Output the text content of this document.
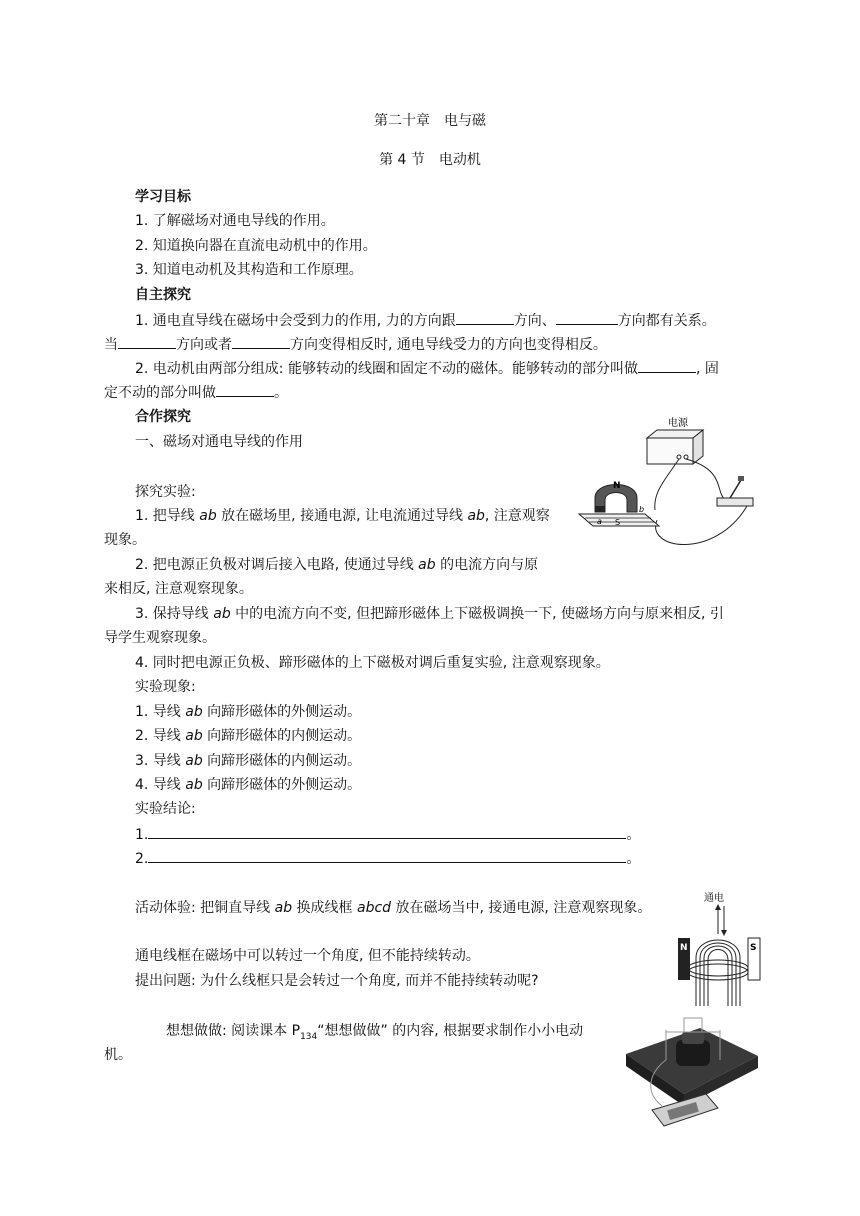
第二十章　电与磁
第 4 节　电动机
学习目标
1. 了解磁场对通电导线的作用。
2. 知道换向器在直流电动机中的作用。
3. 知道电动机及其构造和工作原理。
自主探究
1. 通电直导线在磁场中会受到力的作用, 力的方向跟	方向、	方向都有关系。
当	方向或者	方向变得相反时, 通电导线受力的方向也变得相反。
2. 电动机由两部分组成: 能够转动的线圈和固定不动的磁体。能够转动的部分叫做	, 固
定不动的部分叫做	。
合作探究
一、磁场对通电导线的作用
探究实验:
1. 把导线 ab 放在磁场里, 接通电源, 让电流通过导线 ab, 注意观察
现象。
2. 把电源正负极对调后接入电路, 使通过导线 ab 的电流方向与原
来相反, 注意观察现象。
3. 保持导线 ab 中的电流方向不变, 但把蹄形磁体上下磁极调换一下, 使磁场方向与原来相反, 引
导学生观察现象。
4. 同时把电源正负极、蹄形磁体的上下磁极对调后重复实验, 注意观察现象。
实验现象:
1. 导线 ab 向蹄形磁体的外侧运动。
2. 导线 ab 向蹄形磁体的内侧运动。
3. 导线 ab 向蹄形磁体的内侧运动。
4. 导线 ab 向蹄形磁体的外侧运动。
实验结论:
1.	。
2.	。
活动体验: 把铜直导线 ab 换成线框 abcd 放在磁场当中, 接通电源, 注意观察现象。
通电线框在磁场中可以转过一个角度, 但不能持续转动。
提出问题: 为什么线框只是会转过一个角度, 而并不能持续转动呢?
想想做做: 阅读课本 $P_{134}“$想想做做” 的内容, 根据要求制作小小电动
机。
电源
N
S
a
b
通电
N	S
